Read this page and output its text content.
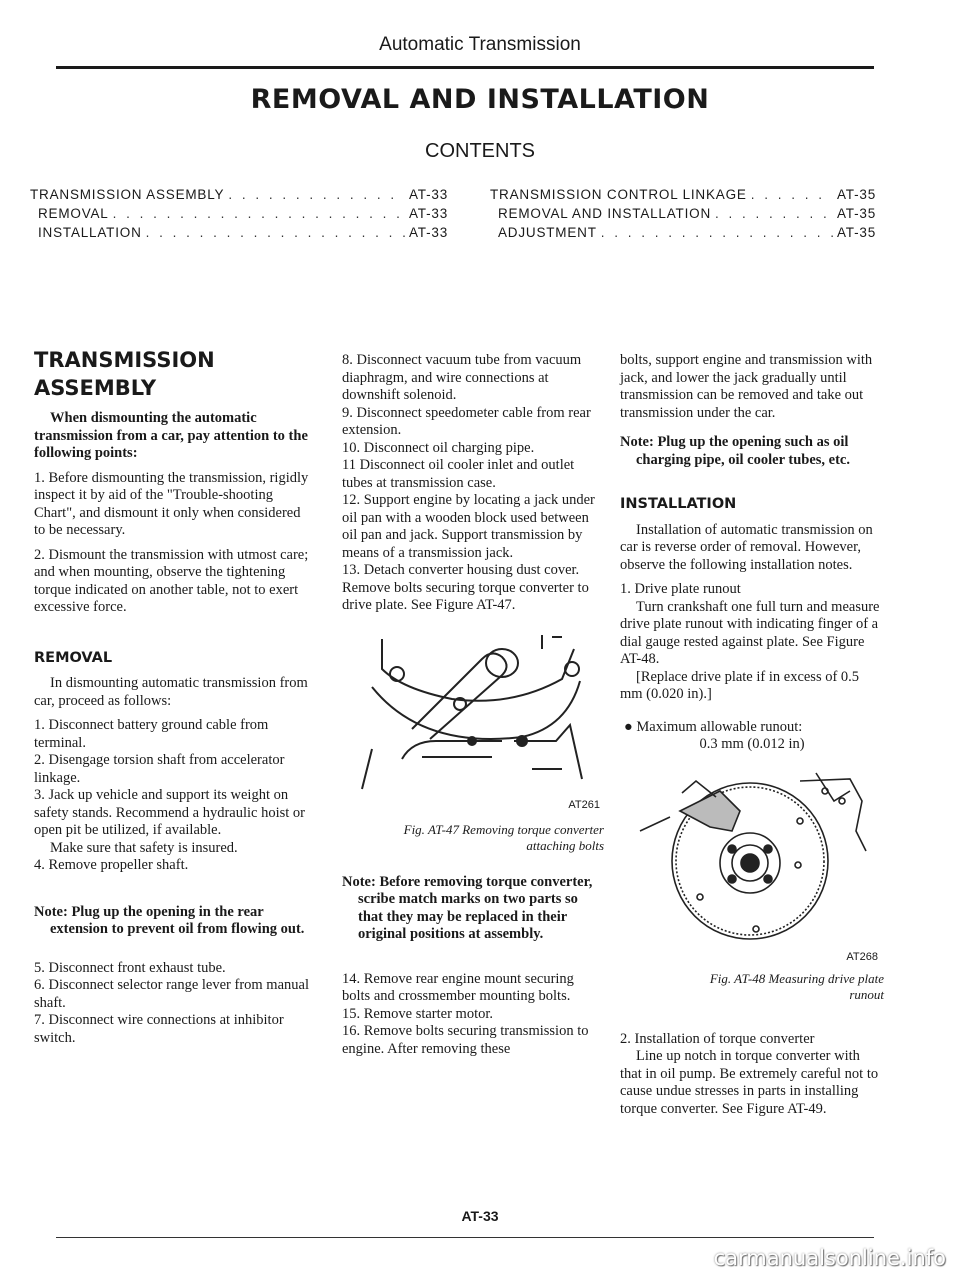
Automatic Transmission
REMOVAL AND INSTALLATION
CONTENTS
TRANSMISSION ASSEMBLY . . .	AT-33
REMOVAL . . .	AT-33
INSTALLATION . . .	AT-33
TRANSMISSION CONTROL LINKAGE . . .	AT-35
REMOVAL AND INSTALLATION . . .	AT-35
ADJUSTMENT . . .	AT-35
TRANSMISSION
ASSEMBLY

When dismounting the automatic transmission from a car, pay attention to the following points:

1. Before dismounting the transmission, rigidly inspect it by aid of the "Trouble-shooting Chart", and dismount it only when considered to be necessary.

2. Dismount the transmission with utmost care; and when mounting, observe the tightening torque indicated on another table, not to exert excessive force.

REMOVAL

In dismounting automatic transmission from car, proceed as follows:

1. Disconnect battery ground cable from terminal.

2. Disengage torsion shaft from accelerator linkage.

3. Jack up vehicle and support its weight on safety stands. Recommend a hydraulic hoist or open pit be utilized, if available.

Make sure that safety is insured.

4. Remove propeller shaft.

Note: Plug up the opening in the rear extension to prevent oil from flowing out.

5. Disconnect front exhaust tube.

6. Disconnect selector range lever from manual shaft.

7. Disconnect wire connections at inhibitor switch.

8. Disconnect vacuum tube from vacuum diaphragm, and wire connections at downshift solenoid.

9. Disconnect speedometer cable from rear extension.

10. Disconnect oil charging pipe.

11 Disconnect oil cooler inlet and outlet tubes at transmission case.

12. Support engine by locating a jack under oil pan with a wooden block used between oil pan and jack. Support transmission by means of a transmission jack.

13. Detach converter housing dust cover. Remove bolts securing torque converter to drive plate. See Figure AT-47.

AT261
Fig. AT-47 Removing torque converter
attaching bolts

Note: Before removing torque converter, scribe match marks on two parts so that they may be replaced in their original positions at assembly.

14. Remove rear engine mount securing bolts and crossmember mounting bolts.

15. Remove starter motor.

16. Remove bolts securing transmission to engine. After removing these

bolts, support engine and transmission with jack, and lower the jack gradually until transmission can be removed and take out transmission under the car.

Note: Plug up the opening such as oil charging pipe, oil cooler tubes, etc.

INSTALLATION

Installation of automatic transmission on car is reverse order of removal. However, observe the following installation notes.

1. Drive plate runout

Turn crankshaft one full turn and measure drive plate runout with indicating finger of a dial gauge rested against plate. See Figure AT-48.

[Replace drive plate if in excess of 0.5 mm (0.020 in).]

● Maximum allowable runout:

0.3 mm (0.012 in)

AT268
Fig. AT-48 Measuring drive plate
runout

2. Installation of torque converter

Line up notch in torque converter with that in oil pump. Be extremely careful not to cause undue stresses in parts in installing torque converter. See Figure AT-49.

AT-33
carmanualsonline.info
